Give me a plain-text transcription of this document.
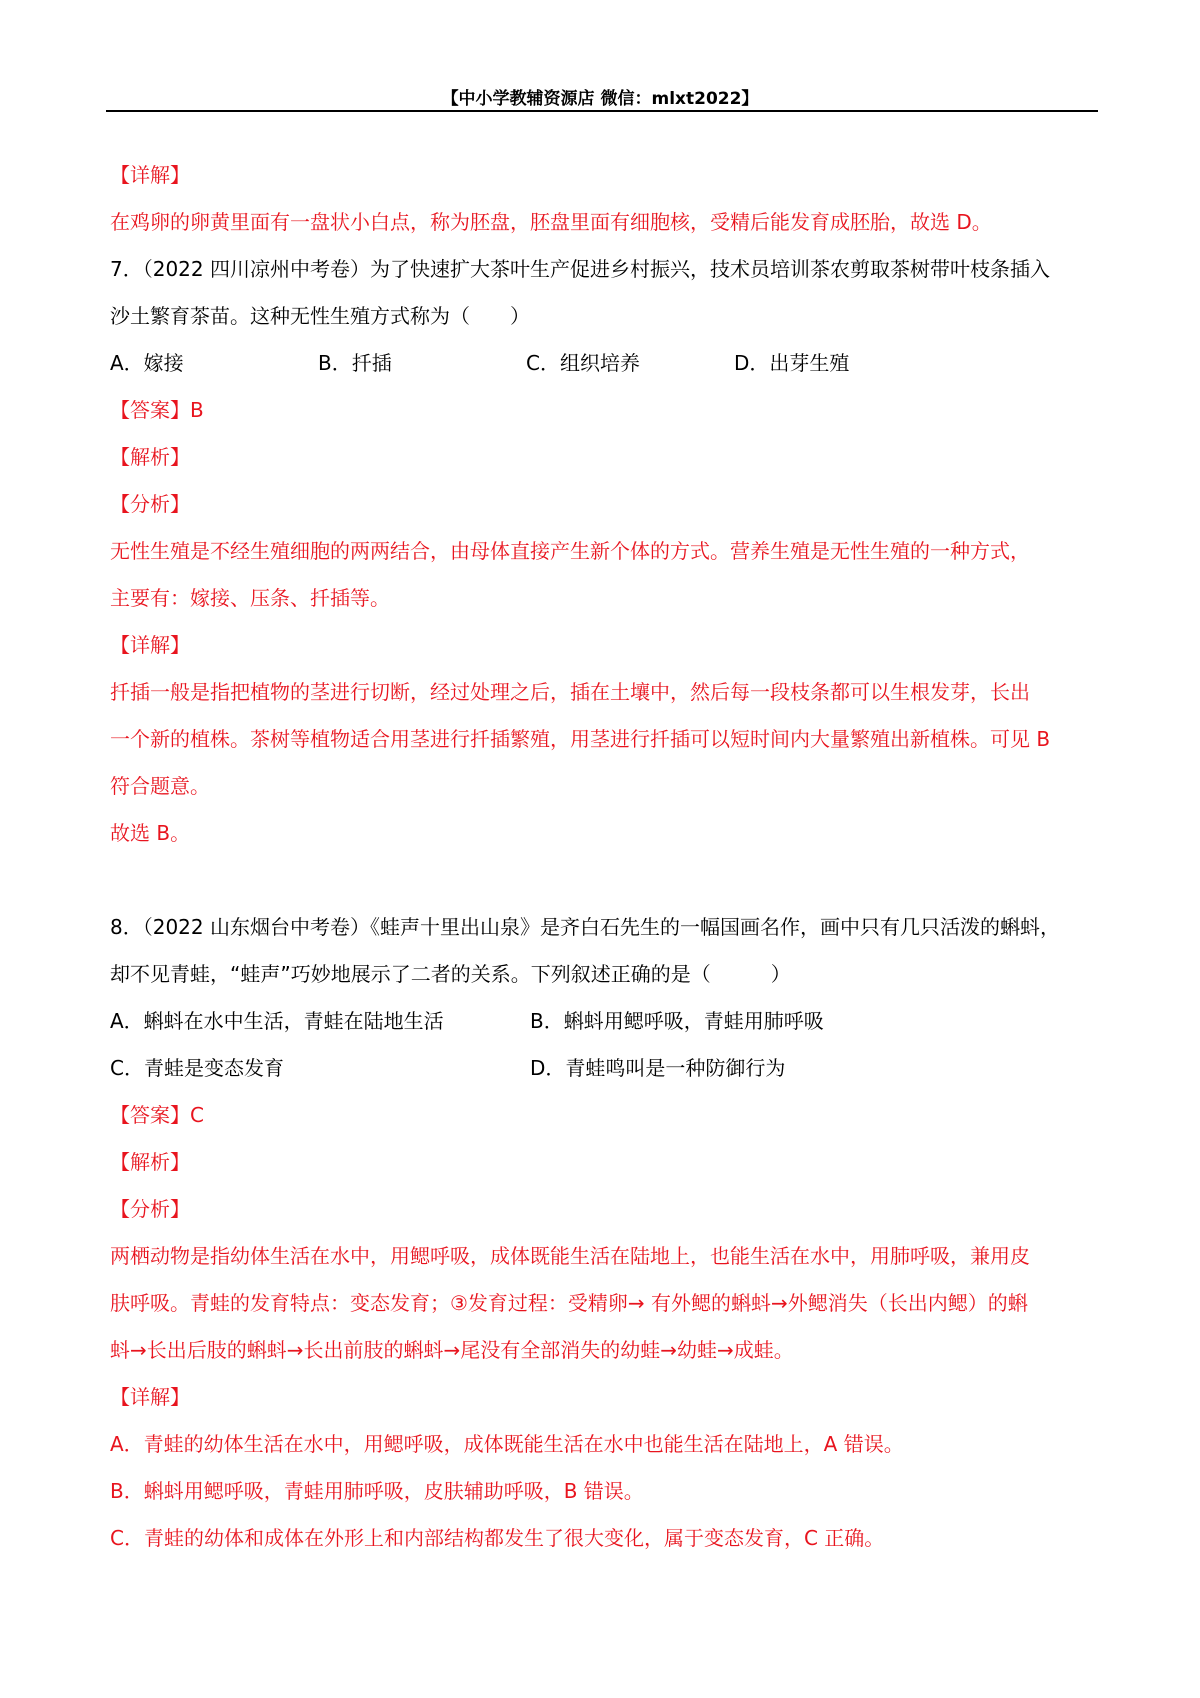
【中小学教辅资源店 微信：mlxt2022】
【详解】
在鸡卵的卵黄里面有一盘状小白点，称为胚盘，胚盘里面有细胞核，受精后能发育成胚胎，故选 D。
7．（2022 四川凉州中考卷）为了快速扩大茶叶生产促进乡村振兴，技术员培训茶农剪取茶树带叶枝条插入
沙土繁育茶苗。这种无性生殖方式称为（　　）
A．嫁接	B．扦插	C．组织培养	D．出芽生殖
【答案】B
【解析】
【分析】
无性生殖是不经生殖细胞的两两结合，由母体直接产生新个体的方式。营养生殖是无性生殖的一种方式，
主要有：嫁接、压条、扦插等。
【详解】
扦插一般是指把植物的茎进行切断，经过处理之后，插在土壤中，然后每一段枝条都可以生根发芽，长出
一个新的植株。茶树等植物适合用茎进行扦插繁殖，用茎进行扦插可以短时间内大量繁殖出新植株。可见 B
符合题意。
故选 B。
8．（2022 山东烟台中考卷）《蛙声十里出山泉》是齐白石先生的一幅国画名作，画中只有几只活泼的蝌蚪，
却不见青蛙，“蛙声”巧妙地展示了二者的关系。下列叙述正确的是（　　　）
A．蝌蚪在水中生活，青蛙在陆地生活	B．蝌蚪用鳃呼吸，青蛙用肺呼吸
C．青蛙是变态发育	D．青蛙鸣叫是一种防御行为
【答案】C
【解析】
【分析】
两栖动物是指幼体生活在水中，用鳃呼吸，成体既能生活在陆地上，也能生活在水中，用肺呼吸，兼用皮
肤呼吸。青蛙的发育特点：变态发育；③发育过程：受精卵→ 有外鳃的蝌蚪→外鳃消失（长出内鳃）的蝌
蚪→长出后肢的蝌蚪→长出前肢的蝌蚪→尾没有全部消失的幼蛙→幼蛙→成蛙。
【详解】
A．青蛙的幼体生活在水中，用鳃呼吸，成体既能生活在水中也能生活在陆地上，A 错误。
B．蝌蚪用鳃呼吸，青蛙用肺呼吸，皮肤辅助呼吸，B 错误。
C．青蛙的幼体和成体在外形上和内部结构都发生了很大变化，属于变态发育，C 正确。
